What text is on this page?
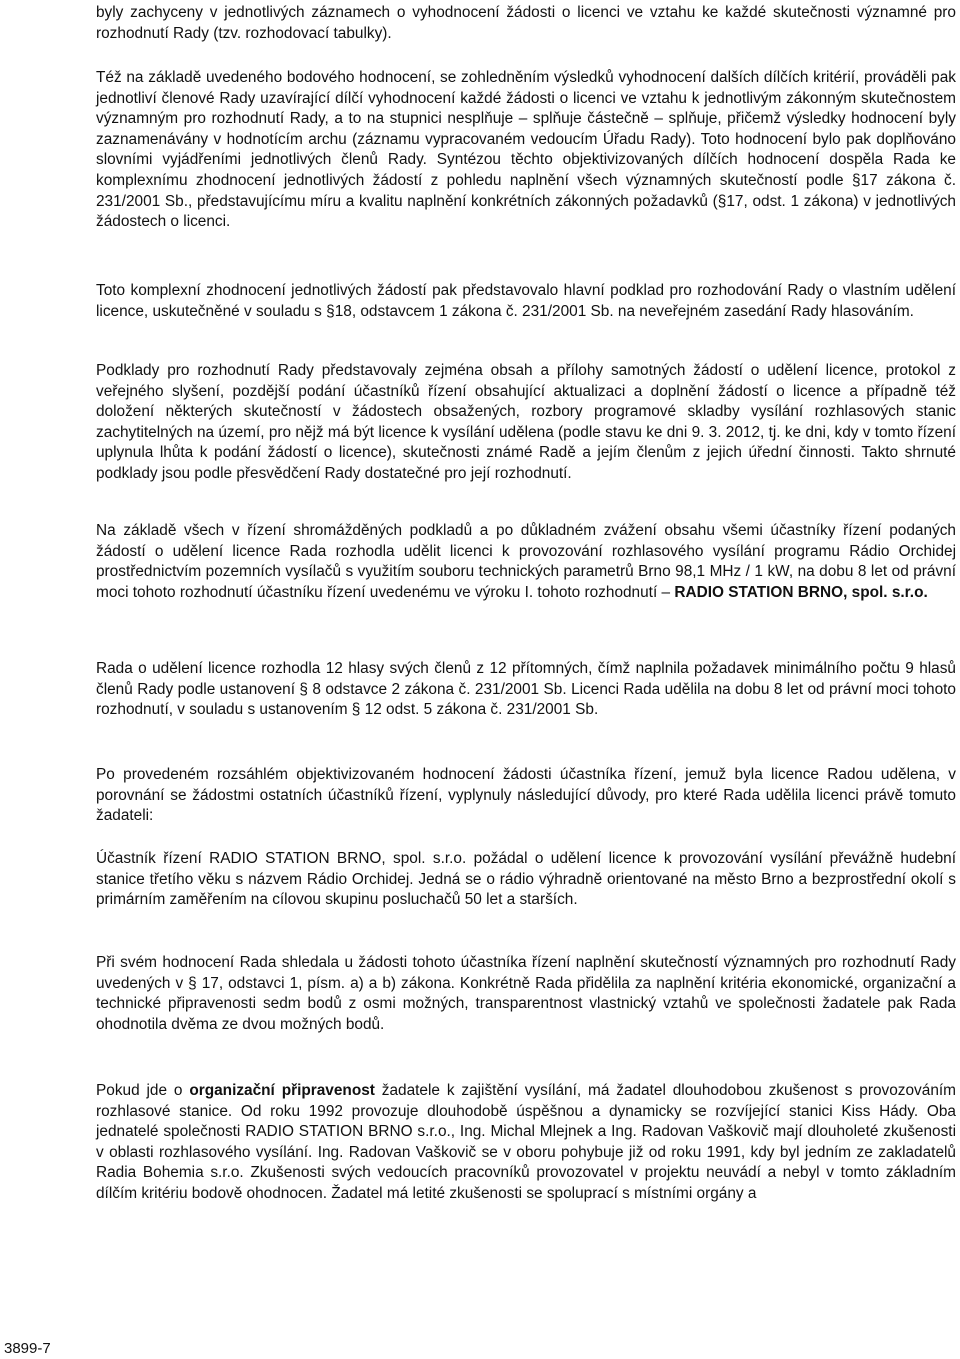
byly zachyceny v jednotlivých záznamech o vyhodnocení žádosti o licenci ve vztahu ke každé skutečnosti významné pro rozhodnutí Rady (tzv. rozhodovací tabulky).

Též na základě uvedeného bodového hodnocení, se zohledněním výsledků vyhodnocení dalších dílčích kritérií, prováděli pak jednotliví členové Rady uzavírající dílčí vyhodnocení každé žádosti o licenci ve vztahu k jednotlivým zákonným skutečnostem významným pro rozhodnutí Rady, a to na stupnici nesplňuje – splňuje částečně – splňuje, přičemž výsledky hodnocení byly zaznamenávány v hodnotícím archu (záznamu vypracovaném vedoucím Úřadu Rady). Toto hodnocení bylo pak doplňováno slovními vyjádřeními jednotlivých členů Rady. Syntézou těchto objektivizovaných dílčích hodnocení dospěla Rada ke komplexnímu zhodnocení jednotlivých žádostí z pohledu naplnění všech významných skutečností podle §17 zákona č. 231/2001 Sb., představujícímu míru a kvalitu naplnění konkrétních zákonných požadavků (§17, odst. 1 zákona) v jednotlivých žádostech o licenci.

Toto komplexní zhodnocení jednotlivých žádostí pak představovalo hlavní podklad pro rozhodování Rady o vlastním udělení licence, uskutečněné v souladu s §18, odstavcem 1 zákona č. 231/2001 Sb. na neveřejném zasedání Rady hlasováním.

Podklady pro rozhodnutí Rady představovaly zejména obsah a přílohy samotných žádostí o udělení licence, protokol z veřejného slyšení, pozdější podání účastníků řízení obsahující aktualizaci a doplnění žádostí o licence a případně též doložení některých skutečností v žádostech obsažených, rozbory programové skladby vysílání rozhlasových stanic zachytitelných na území, pro nějž má být licence k vysílání udělena (podle stavu ke dni 9. 3. 2012, tj. ke dni, kdy v tomto řízení uplynula lhůta k podání žádostí o licence), skutečnosti známé Radě a jejím členům z jejich úřední činnosti. Takto shrnuté podklady jsou podle přesvědčení Rady dostatečné pro její rozhodnutí.

Na základě všech v řízení shromážděných podkladů a po důkladném zvážení obsahu všemi účastníky řízení podaných žádostí o udělení licence Rada rozhodla udělit licenci k provozování rozhlasového vysílání programu Rádio Orchidej prostřednictvím pozemních vysílačů s využitím souboru technických parametrů Brno 98,1 MHz / 1 kW, na dobu 8 let od právní moci tohoto rozhodnutí účastníku řízení uvedenému ve výroku I. tohoto rozhodnutí – RADIO STATION BRNO, spol. s.r.o.

Rada o udělení licence rozhodla 12 hlasy svých členů z 12 přítomných, čímž naplnila požadavek minimálního počtu 9 hlasů členů Rady podle ustanovení § 8 odstavce 2 zákona č. 231/2001 Sb. Licenci Rada udělila na dobu 8 let od právní moci tohoto rozhodnutí, v souladu s ustanovením § 12 odst. 5 zákona č. 231/2001 Sb.

Po provedeném rozsáhlém objektivizovaném hodnocení žádosti účastníka řízení, jemuž byla licence Radou udělena, v porovnání se žádostmi ostatních účastníků řízení, vyplynuly následující důvody, pro které Rada udělila licenci právě tomuto žadateli:

Účastník řízení RADIO STATION BRNO, spol. s.r.o. požádal o udělení licence k provozování vysílání převážně hudební stanice třetího věku s názvem Rádio Orchidej. Jedná se o rádio výhradně orientované na město Brno a bezprostřední okolí s primárním zaměřením na cílovou skupinu posluchačů 50 let a starších.

Při svém hodnocení Rada shledala u žádosti tohoto účastníka řízení naplnění skutečností významných pro rozhodnutí Rady uvedených v § 17, odstavci 1, písm. a) a b) zákona. Konkrétně Rada přidělila za naplnění kritéria ekonomické, organizační a technické připravenosti sedm bodů z osmi možných, transparentnost vlastnický vztahů ve společnosti žadatele pak Rada ohodnotila dvěma ze dvou možných bodů.

Pokud jde o organizační připravenost žadatele k zajištění vysílání, má žadatel dlouhodobou zkušenost s provozováním rozhlasové stanice. Od roku 1992 provozuje dlouhodobě úspěšnou a dynamicky se rozvíjející stanici Kiss Hády. Oba jednatelé společnosti RADIO STATION BRNO s.r.o., Ing. Michal Mlejnek a Ing. Radovan Vaškovič mají dlouholeté zkušenosti v oblasti rozhlasového vysílání. Ing. Radovan Vaškovič se v oboru pohybuje již od roku 1991, kdy byl jedním ze zakladatelů Radia Bohemia s.r.o. Zkušenosti svých vedoucích pracovníků provozovatel v projektu neuvádí a nebyl v tomto základním dílčím kritériu bodově ohodnocen. Žadatel má letité zkušenosti se spoluprací s místními orgány a

3899-7
